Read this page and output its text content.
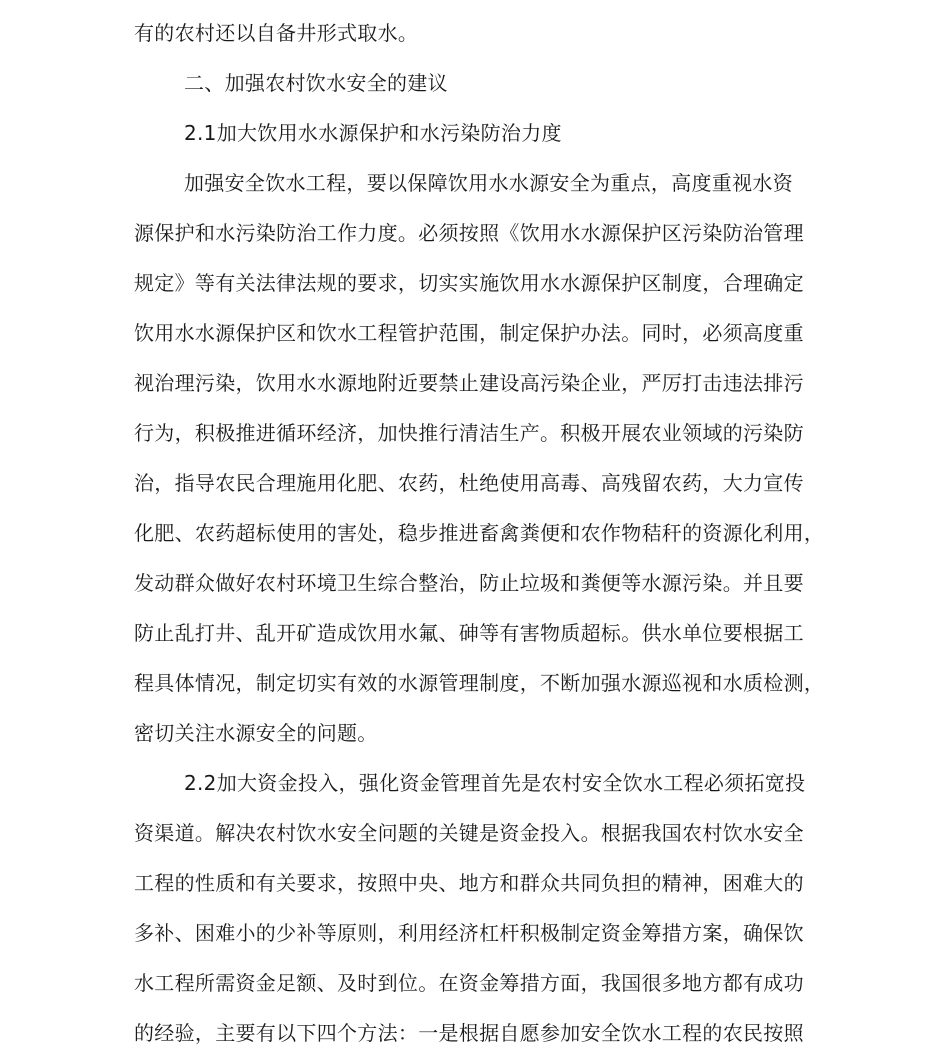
有的农村还以自备井形式取水。
二、加强农村饮水安全的建议
2.1加大饮用水水源保护和水污染防治力度
加强安全饮水工程，要以保障饮用水水源安全为重点，高度重视水资
源保护和水污染防治工作力度。必须按照《饮用水水源保护区污染防治管理
规定》等有关法律法规的要求，切实实施饮用水水源保护区制度，合理确定
饮用水水源保护区和饮水工程管护范围，制定保护办法。同时，必须高度重
视治理污染，饮用水水源地附近要禁止建设高污染企业，严厉打击违法排污
行为，积极推进循环经济，加快推行清洁生产。积极开展农业领域的污染防
治，指导农民合理施用化肥、农药，杜绝使用高毒、高残留农药，大力宣传
化肥、农药超标使用的害处，稳步推进畜禽粪便和农作物秸秆的资源化利用，
发动群众做好农村环境卫生综合整治，防止垃圾和粪便等水源污染。并且要
防止乱打井、乱开矿造成饮用水氟、砷等有害物质超标。供水单位要根据工
程具体情况，制定切实有效的水源管理制度，不断加强水源巡视和水质检测，
密切关注水源安全的问题。
2.2加大资金投入，强化资金管理首先是农村安全饮水工程必须拓宽投
资渠道。解决农村饮水安全问题的关键是资金投入。根据我国农村饮水安全
工程的性质和有关要求，按照中央、地方和群众共同负担的精神，困难大的
多补、困难小的少补等原则，利用经济杠杆积极制定资金筹措方案，确保饮
水工程所需资金足额、及时到位。在资金筹措方面，我国很多地方都有成功
的经验，主要有以下四个方法：一是根据自愿参加安全饮水工程的农民按照
